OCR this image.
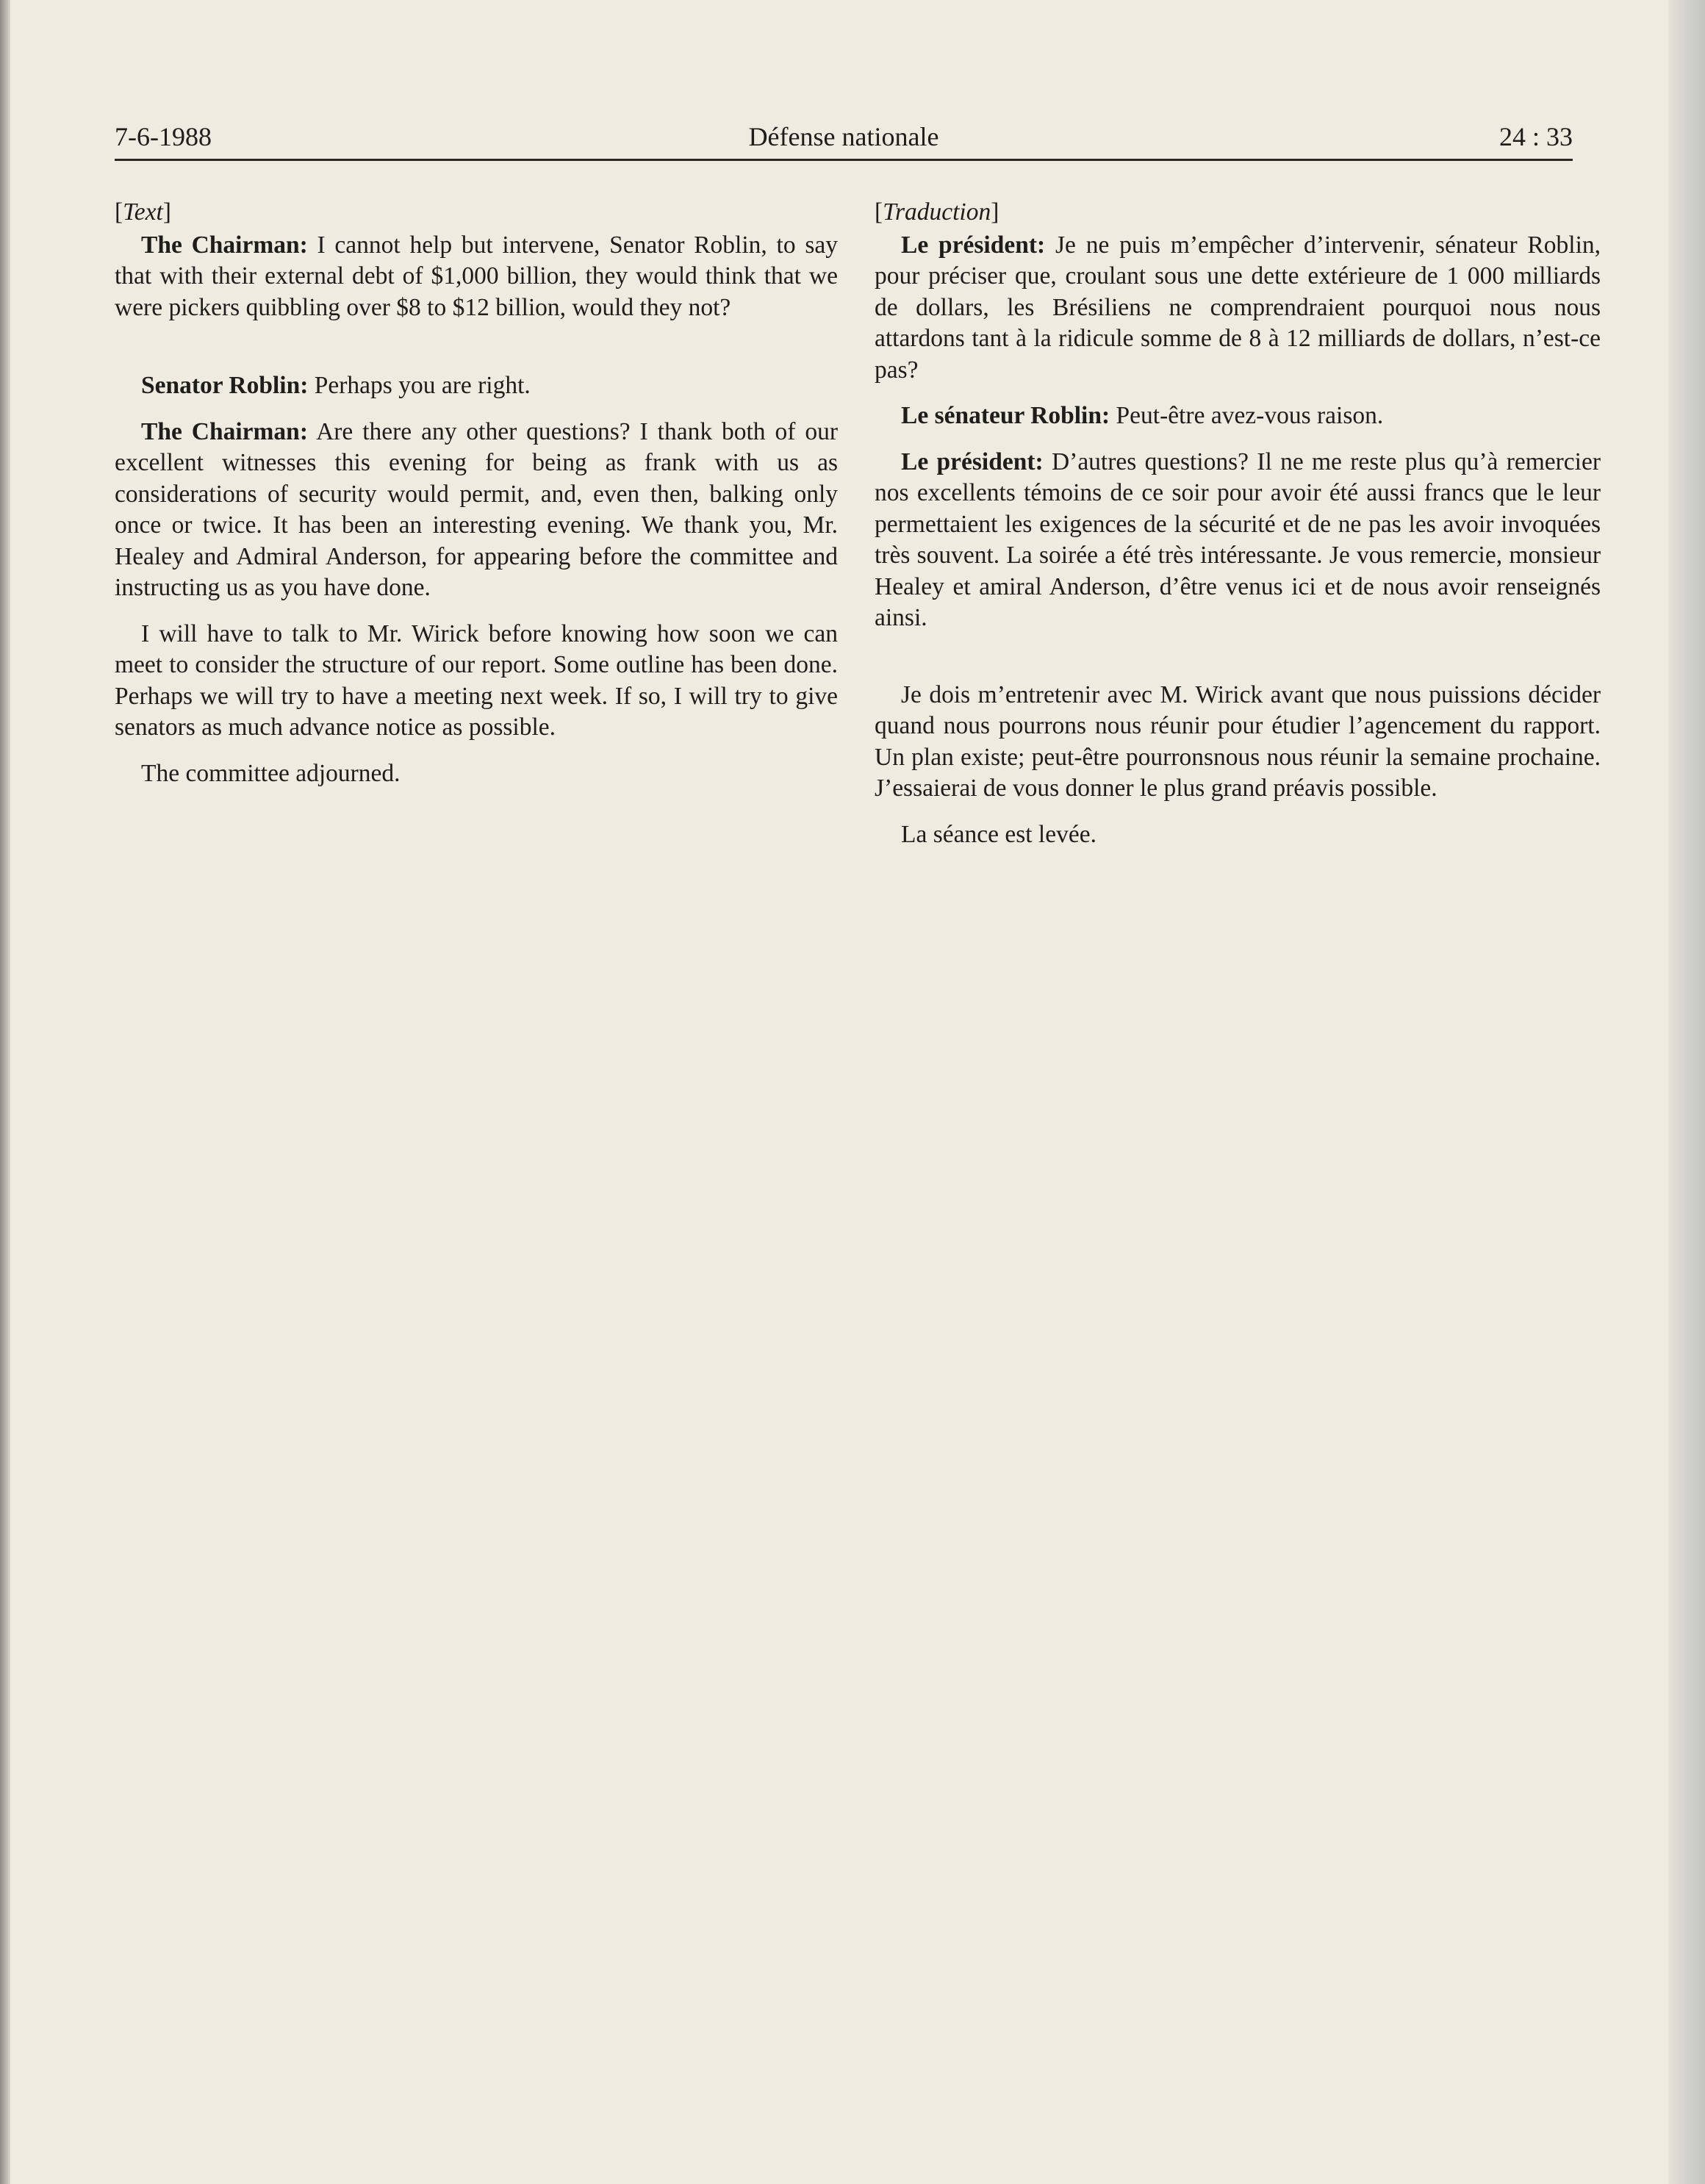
7-6-1988	Défense nationale	24 : 33
[Text]

The Chairman: I cannot help but intervene, Senator Roblin, to say that with their external debt of $1,000 billion, they would think that we were pickers quibbling over $8 to $12 billion, would they not?

Senator Roblin: Perhaps you are right.

The Chairman: Are there any other questions? I thank both of our excellent witnesses this evening for being as frank with us as considerations of security would permit, and, even then, balking only once or twice. It has been an interesting evening. We thank you, Mr. Healey and Admiral Anderson, for appearing before the committee and instructing us as you have done.

I will have to talk to Mr. Wirick before knowing how soon we can meet to consider the structure of our report. Some outline has been done. Perhaps we will try to have a meeting next week. If so, I will try to give senators as much advance notice as possible.

The committee adjourned.

[Traduction]

Le président: Je ne puis m’empêcher d’intervenir, sénateur Roblin, pour préciser que, croulant sous une dette extérieure de 1 000 milliards de dollars, les Brésiliens ne comprendraient pourquoi nous nous attardons tant à la ridicule somme de 8 à 12 milliards de dollars, n’est-ce pas?

Le sénateur Roblin: Peut-être avez-vous raison.

Le président: D’autres questions? Il ne me reste plus qu’à remercier nos excellents témoins de ce soir pour avoir été aussi francs que le leur permettaient les exigences de la sécurité et de ne pas les avoir invoquées très souvent. La soirée a été très intéressante. Je vous remercie, monsieur Healey et amiral Anderson, d’être venus ici et de nous avoir renseignés ainsi.

Je dois m’entretenir avec M. Wirick avant que nous puissions décider quand nous pourrons nous réunir pour étudier l’agencement du rapport. Un plan existe; peut-être pourronsnous nous réunir la semaine prochaine. J’essaierai de vous donner le plus grand préavis possible.

La séance est levée.
